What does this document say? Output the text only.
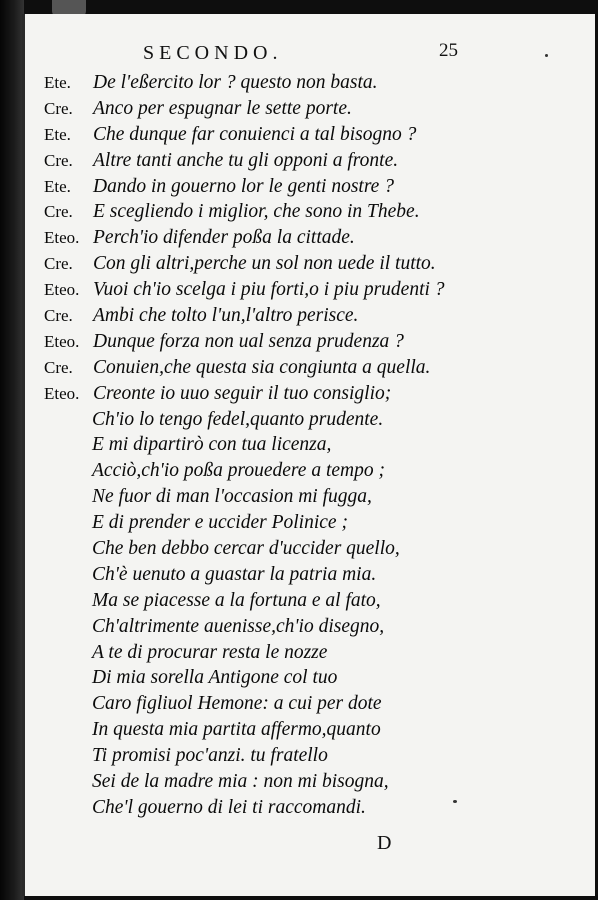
SECONDO.	25
Ete.	De l'eßercito lor ? questo non basta.
Cre.	Anco per espugnar le sette porte.
Ete.	Che dunque far conuienci a tal bisogno ?
Cre.	Altre tanti anche tu gli opponi a fronte.
Ete.	Dando in gouerno lor le genti nostre ?
Cre.	E scegliendo i miglior, che sono in Thebe.
Eteo. Perch'io difender poßa la cittade.
Cre.	Con gli altri,perche un sol non uede il tutto.
Eteo. Vuoi ch'io scelga i piu forti,o i piu prudenti ?
Cre.	Ambi che tolto l'un,l'altro perisce.
Eteo. Dunque forza non ual senza prudenza ?
Cre.	Conuien,che questa sia congiunta a quella.
Eteo. Creonte io uuo seguir il tuo consiglio;
Ch'io lo tengo fedel,quanto prudente.
E mi dipartirò con tua licenza,
Acciò,ch'io poßa prouedere a tempo ;
Ne fuor di man l'occasion mi fugga,
E di prender e uccider Polinice ;
Che ben debbo cercar d'uccider quello,
Ch'è uenuto a guastar la patria mia.
Ma se piacesse a la fortuna e al fato,
Ch'altrimente auenisse,ch'io disegno,
A te di procurar resta le nozze
Di mia sorella Antigone col tuo
Caro figliuol Hemone: a cui per dote
In questa mia partita affermo,quanto
Ti promisi poc'anzi. tu fratello
Sei de la madre mia : non mi bisogna,
Che'l gouerno di lei ti raccomandi.
D
